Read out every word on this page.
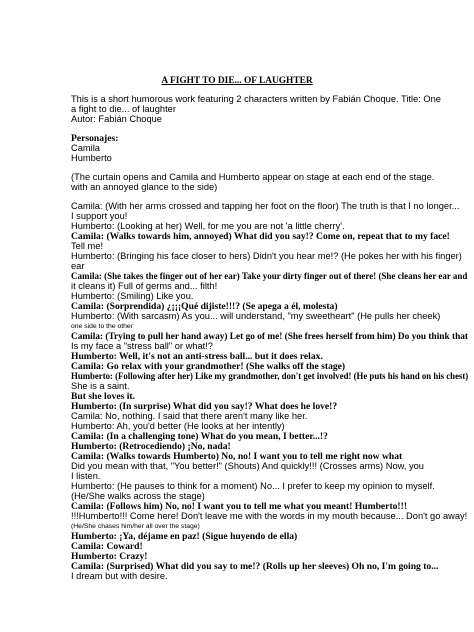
A FIGHT TO DIE... OF LAUGHTER
This is a short humorous work featuring 2 characters written by Fabián Choque. Title: One
a fight to die... of laughter
Autor: Fabián Choque
Personajes:
Camila
Humberto
(The curtain opens and Camila and Humberto appear on stage at each end of the stage.
with an annoyed glance to the side)
Camila: (With her arms crossed and tapping her foot on the floor) The truth is that I no longer...
I support you!
Humberto: (Looking at her) Well, for me you are not 'a little cherry'.
Camila: (Walks towards him, annoyed) What did you say!? Come on, repeat that to my face!
Tell me!
Humberto: (Bringing his face closer to hers) Didn't you hear me!? (He pokes her with his finger)
ear
Camila: (She takes the finger out of her ear) Take your dirty finger out of there! (She cleans her ear and
it cleans it) Full of germs and... filth!
Humberto: (Smiling) Like you.
Camila: (Sorprendida) ¿¡¡¡Qué dijiste!!!? (Se apega a él, molesta)
Humberto: (With sarcasm) As you... will understand, "my sweetheart" (He pulls her cheek)
one side to the other
Camila: (Trying to pull her hand away) Let go of me! (She frees herself from him) Do you think that
Is my face a "stress ball" or what!?
Humberto: Well, it's not an anti-stress ball... but it does relax.
Camila: Go relax with your grandmother! (She walks off the stage)
Humberto: (Following after her) Like my grandmother, don't get involved! (He puts his hand on his chest)
She is a saint.
But she loves it.
Humberto: (In surprise) What did you say!? What does he love!?
Camila: No, nothing. I said that there aren't many like her.
Humberto: Ah, you'd better (He looks at her intently)
Camila: (In a challenging tone) What do you mean, I better...!?
Humberto: (Retrocediendo) ¡No, nada!
Camila: (Walks towards Humberto) No, no! I want you to tell me right now what
Did you mean with that, "You better!" (Shouts) And quickly!!! (Crosses arms) Now, you
I listen.
Humberto: (He pauses to think for a moment) No... I prefer to keep my opinion to myself.
(He/She walks across the stage)
Camila: (Follows him) No, no! I want you to tell me what you meant! Humberto!!!
!!!Humberto!!! Come here! Don't leave me with the words in my mouth because... Don't go away!
(He/She chases him/her all over the stage)
Humberto: ¡Ya, déjame en paz! (Sigue huyendo de ella)
Camila: Coward!
Humberto: Crazy!
Camila: (Surprised) What did you say to me!? (Rolls up her sleeves) Oh no, I'm going to...
I dream but with desire.
